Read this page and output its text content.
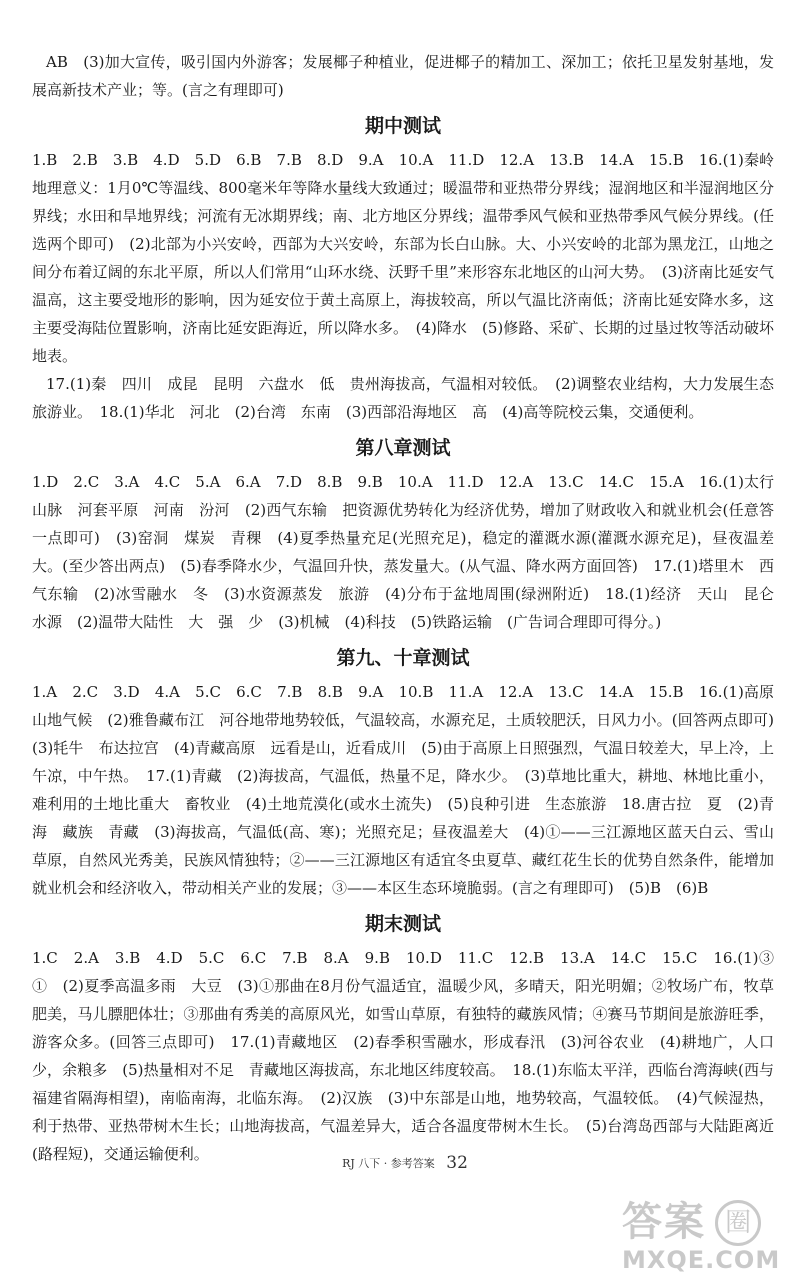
AB　(3)加大宣传，吸引国内外游客；发展椰子种植业，促进椰子的精加工、深加工；依托卫星发射基地，发展高新技术产业；等。(言之有理即可)

期中测试

1.B　2.B　3.B　4.D　5.D　6.B　7.B　8.D　9.A　10.A　11.D　12.A　13.B　14.A　15.B　16.(1)秦岭地理意义：1月0℃等温线、800毫米年等降水量线大致通过；暖温带和亚热带分界线；湿润地区和半湿润地区分界线；水田和旱地界线；河流有无冰期界线；南、北方地区分界线；温带季风气候和亚热带季风气候分界线。(任选两个即可)　(2)北部为小兴安岭，西部为大兴安岭，东部为长白山脉。大、小兴安岭的北部为黑龙江，山地之间分布着辽阔的东北平原，所以人们常用“山环水绕、沃野千里”来形容东北地区的山河大势。　(3)济南比延安气温高，这主要受地形的影响，因为延安位于黄土高原上，海拔较高，所以气温比济南低；济南比延安降水多，这主要受海陆位置影响，济南比延安距海近，所以降水多。　(4)降水　(5)修路、采矿、长期的过垦过牧等活动破坏地表。

17.(1)秦　四川　成昆　昆明　六盘水　低　贵州海拔高，气温相对较低。　(2)调整农业结构，大力发展生态旅游业。　18.(1)华北　河北　(2)台湾　东南　(3)西部沿海地区　高　(4)高等院校云集，交通便利。

第八章测试

1.D　2.C　3.A　4.C　5.A　6.A　7.D　8.B　9.B　10.A　11.D　12.A　13.C　14.C　15.A　16.(1)太行山脉　河套平原　河南　汾河　(2)西气东输　把资源优势转化为经济优势，增加了财政收入和就业机会(任意答一点即可)　(3)窑洞　煤炭　青稞　(4)夏季热量充足(光照充足)，稳定的灌溉水源(灌溉水源充足)，昼夜温差大。(至少答出两点)　(5)春季降水少，气温回升快，蒸发量大。(从气温、降水两方面回答)　17.(1)塔里木　西气东输　(2)冰雪融水　冬　(3)水资源蒸发　旅游　(4)分布于盆地周围(绿洲附近)　18.(1)经济　天山　昆仑　水源　(2)温带大陆性　大　强　少　(3)机械　(4)科技　(5)铁路运输　(广告词合理即可得分。)

第九、十章测试

1.A　2.C　3.D　4.A　5.C　6.C　7.B　8.B　9.A　10.B　11.A　12.A　13.C　14.A　15.B　16.(1)高原山地气候　(2)雅鲁藏布江　河谷地带地势较低，气温较高，水源充足，土质较肥沃，日风力小。(回答两点即可)　(3)牦牛　布达拉宫　(4)青藏高原　远看是山，近看成川　(5)由于高原上日照强烈，气温日较差大，早上冷，上午凉，中午热。　17.(1)青藏　(2)海拔高，气温低，热量不足，降水少。　(3)草地比重大，耕地、林地比重小，难利用的土地比重大　畜牧业　(4)土地荒漠化(或水土流失)　(5)良种引进　生态旅游　18.唐古拉　夏　(2)青海　藏族　青藏　(3)海拔高，气温低(高、寒)；光照充足；昼夜温差大　(4)①——三江源地区蓝天白云、雪山草原，自然风光秀美，民族风情独特；②——三江源地区有适宜冬虫夏草、藏红花生长的优势自然条件，能增加就业机会和经济收入，带动相关产业的发展；③——本区生态环境脆弱。(言之有理即可)　(5)B　(6)B

期末测试

1.C　2.A　3.B　4.D　5.C　6.C　7.B　8.A　9.B　10.D　11.C　12.B　13.A　14.C　15.C　16.(1)③　①　(2)夏季高温多雨　大豆　(3)①那曲在8月份气温适宜，温暖少风，多晴天，阳光明媚；②牧场广布，牧草肥美，马儿膘肥体壮；③那曲有秀美的高原风光，如雪山草原，有独特的藏族风情；④赛马节期间是旅游旺季，游客众多。(回答三点即可)　17.(1)青藏地区　(2)春季积雪融水，形成春汛　(3)河谷农业　(4)耕地广，人口少，余粮多　(5)热量相对不足　青藏地区海拔高，东北地区纬度较高。　18.(1)东临太平洋，西临台湾海峡(西与福建省隔海相望)，南临南海，北临东海。　(2)汉族　(3)中东部是山地，地势较高，气温较低。　(4)气候湿热，利于热带、亚热带树木生长；山地海拔高，气温差异大，适合各温度带树木生长。　(5)台湾岛西部与大陆距离近(路程短)，交通运输便利。

RJ 八下 · 参考答案 32
答案 圈
MXQE.COM
